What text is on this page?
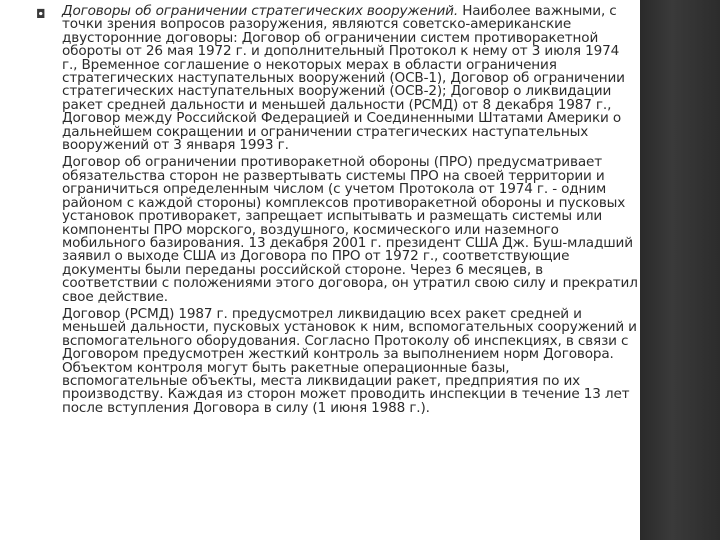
◘ Договоры об ограничении стратегических вооружений. Наиболее важными, с точки зрения вопросов разоружения, являются советско-американские двусторонние договоры: Договор об ограничении систем противоракетной обороты от 26 мая 1972 г. и дополнительный Протокол к нему от 3 июля 1974 г., Временное соглашение о некоторых мерах в области ограничения стратегических наступательных вооружений (ОСВ-1), Договор об ограничении стратегических наступательных вооружений (ОСВ-2); Договор о ликвидации ракет средней дальности и меньшей дальности (РСМД) от 8 декабря 1987 г., Договор между Российской Федерацией и Соединенными Штатами Америки о дальнейшем сокращении и ограничении стратегических наступательных вооружений от 3 января 1993 г.

Договор об ограничении противоракетной обороны (ПРО) предусматривает обязательства сторон не развертывать системы ПРО на своей территории и ограничиться определенным числом (с учетом Протокола от 1974 г. - одним районом с каждой стороны) комплексов противоракетной обороны и пусковых установок противоракет, запрещает испытывать и размещать системы или компоненты ПРО морского, воздушного, космического или наземного мобильного базирования. 13 декабря 2001 г. президент США Дж. Буш-младший заявил о выходе США из Договора по ПРО от 1972 г., соответствующие документы были переданы российской стороне. Через 6 месяцев, в соответствии с положениями этого договора, он утратил свою силу и прекратил свое действие.

Договор (РСМД) 1987 г. предусмотрел ликвидацию всех ракет средней и меньшей дальности, пусковых установок к ним, вспомогательных сооружений и вспомогательного оборудования. Согласно Протоколу об инспекциях, в связи с Договором предусмотрен жесткий контроль за выполнением норм Договора. Объектом контроля могут быть ракетные операционные базы, вспомогательные объекты, места ликвидации ракет, предприятия по их производству. Каждая из сторон может проводить инспекции в течение 13 лет после вступления Договора в силу (1 июня 1988 г.).
